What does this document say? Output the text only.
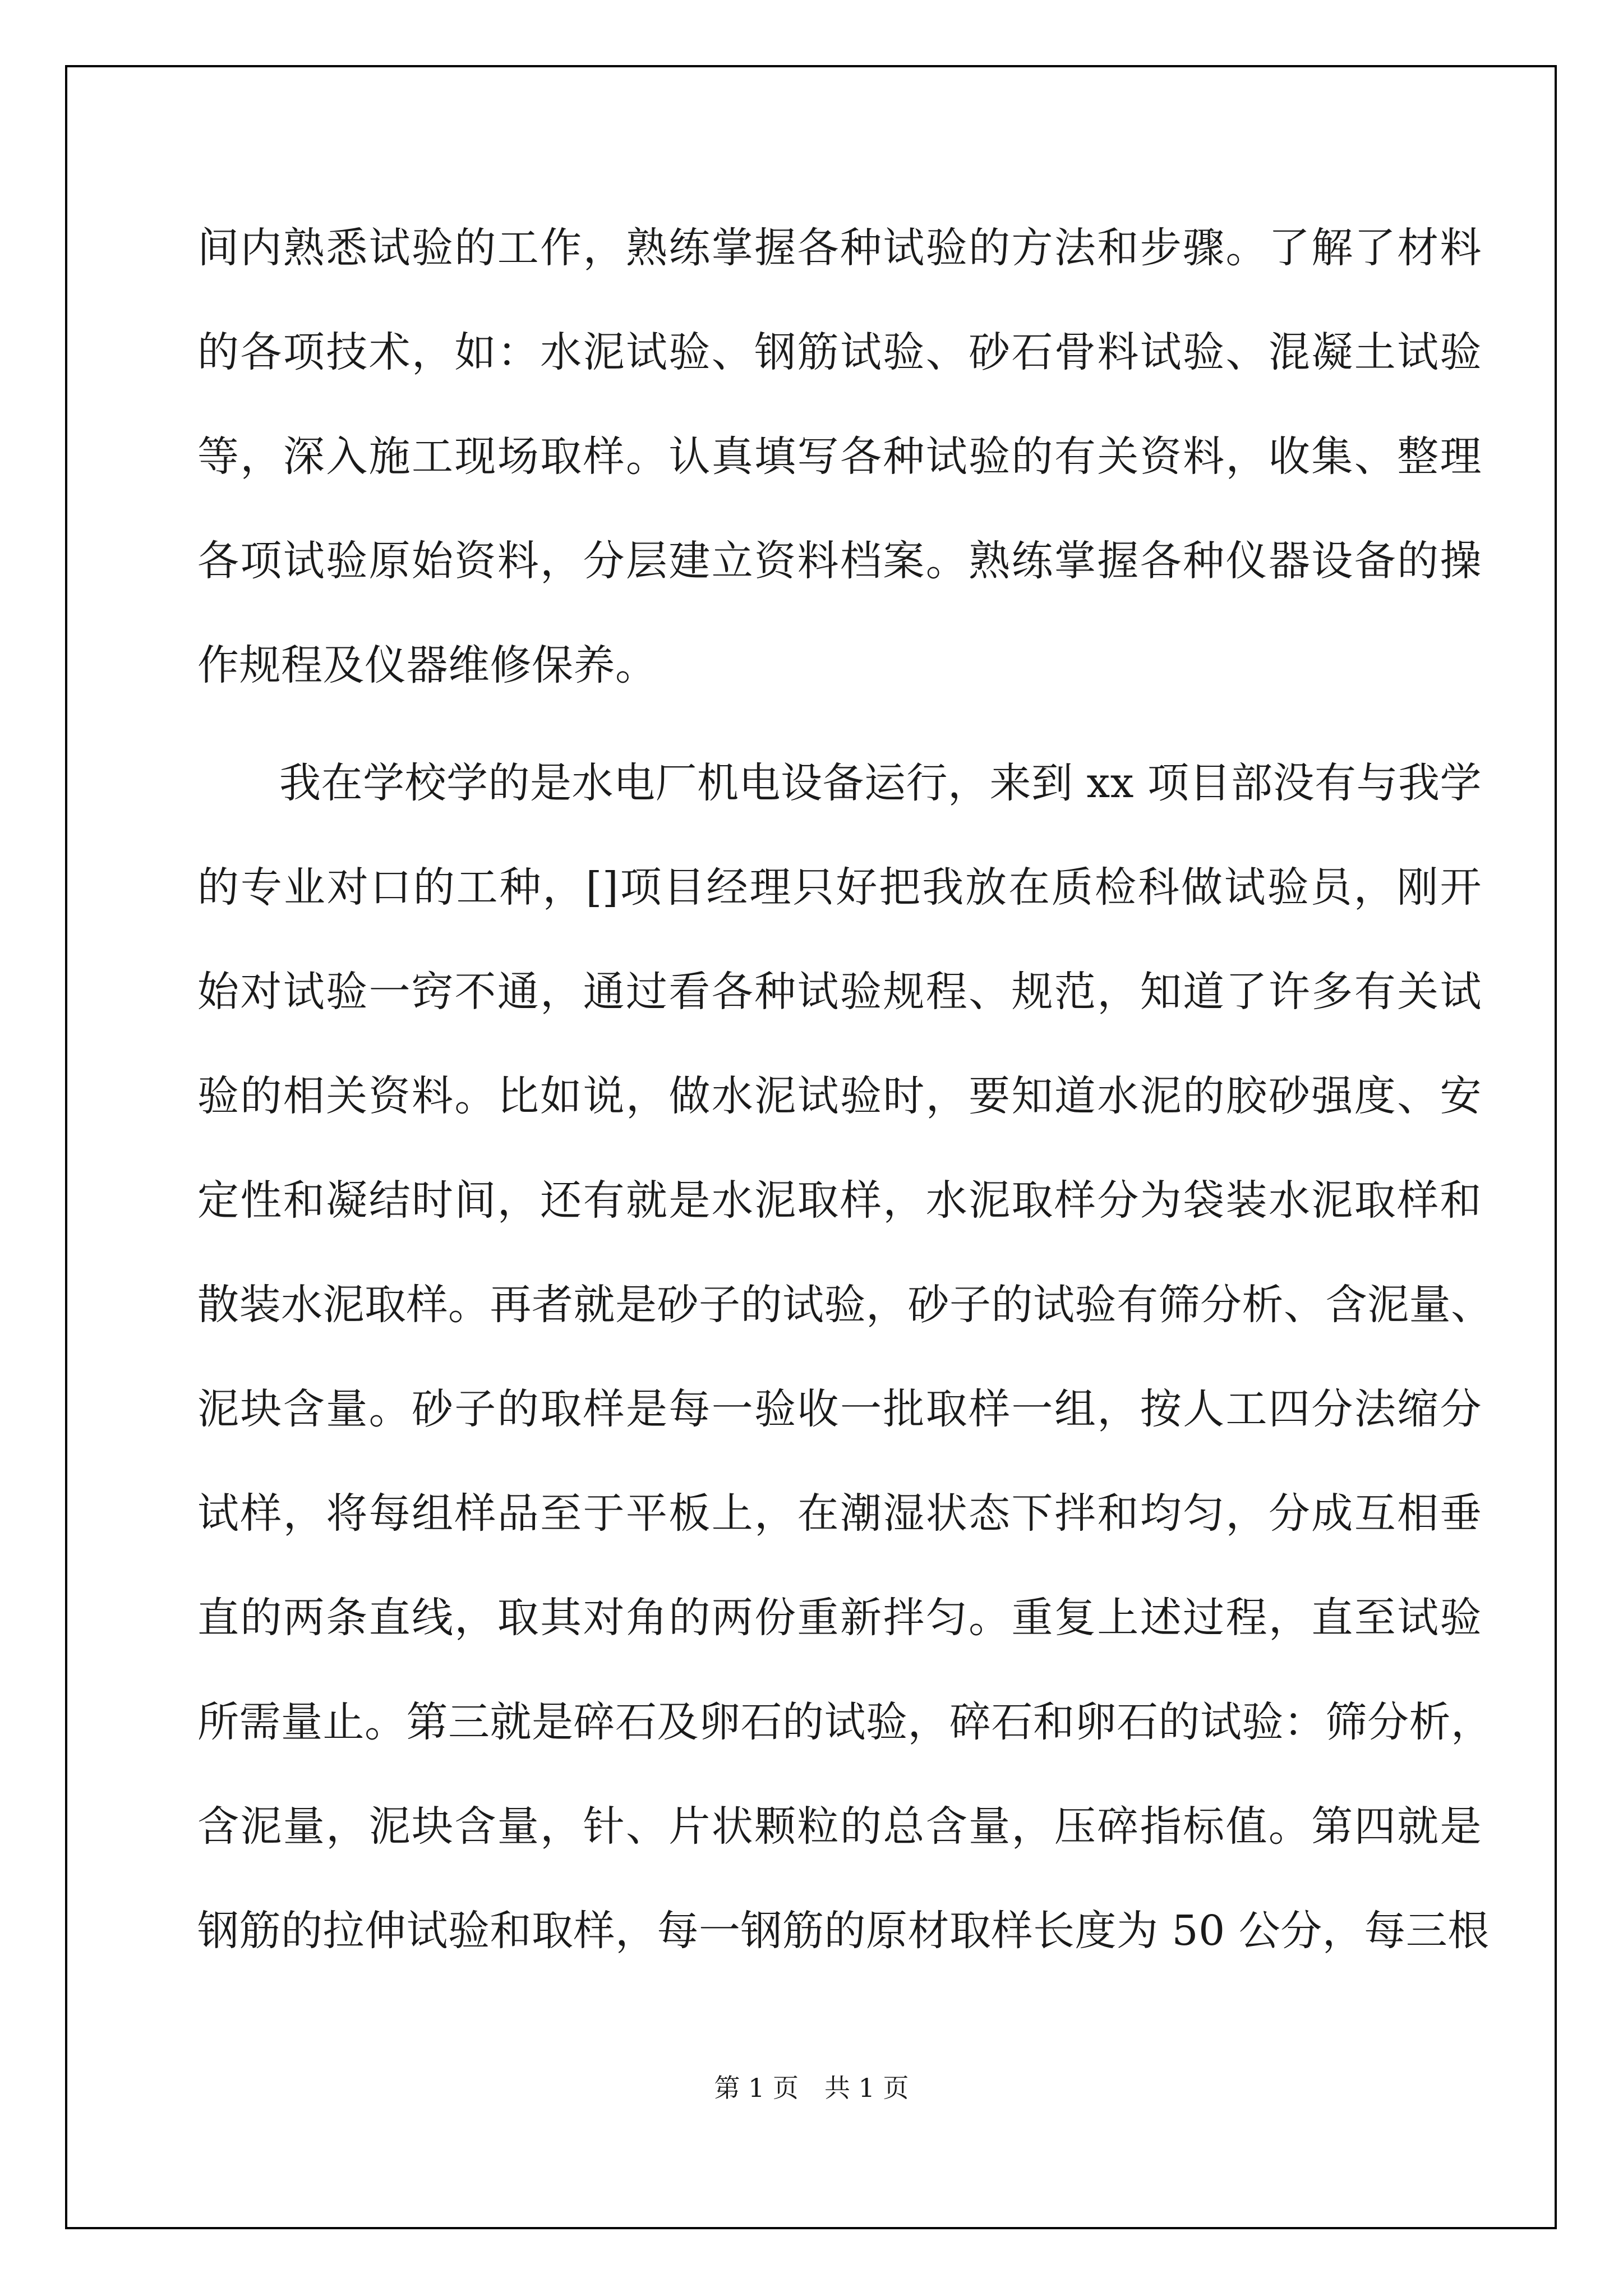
间内熟悉试验的工作，熟练掌握各种试验的方法和步骤。了解了材料
的各项技术，如：水泥试验、钢筋试验、砂石骨料试验、混凝土试验
等，深入施工现场取样。认真填写各种试验的有关资料，收集、整理
各项试验原始资料，分层建立资料档案。熟练掌握各种仪器设备的操
作规程及仪器维修保养。
我在学校学的是水电厂机电设备运行，来到 xx 项目部没有与我学
的专业对口的工种，[]项目经理只好把我放在质检科做试验员，刚开
始对试验一窍不通，通过看各种试验规程、规范，知道了许多有关试
验的相关资料。比如说，做水泥试验时，要知道水泥的胶砂强度、安
定性和凝结时间，还有就是水泥取样，水泥取样分为袋装水泥取样和
散装水泥取样。再者就是砂子的试验，砂子的试验有筛分析、含泥量、
泥块含量。砂子的取样是每一验收一批取样一组，按人工四分法缩分
试样，将每组样品至于平板上，在潮湿状态下拌和均匀，分成互相垂
直的两条直线，取其对角的两份重新拌匀。重复上述过程，直至试验
所需量止。第三就是碎石及卵石的试验，碎石和卵石的试验：筛分析，
含泥量，泥块含量，针、片状颗粒的总含量，压碎指标值。第四就是
钢筋的拉伸试验和取样，每一钢筋的原材取样长度为 50 公分，每三根
第 1 页 共 1 页
